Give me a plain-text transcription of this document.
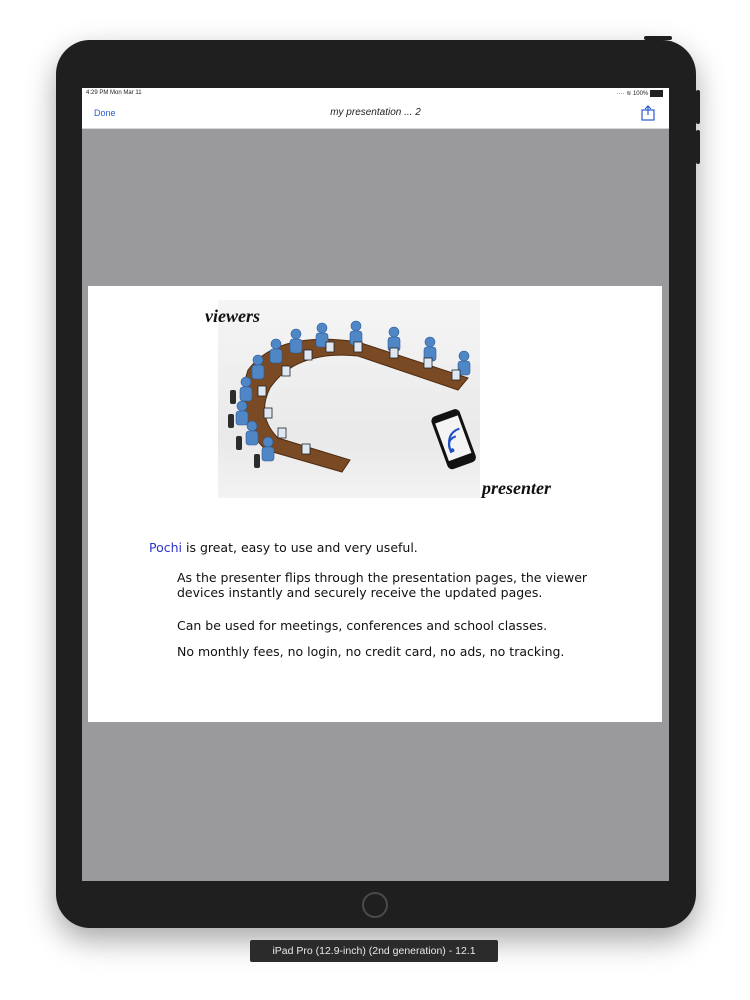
4:29 PM Mon Mar 11	···· ≋ 100%
Done	my presentation ... 2
viewers
presenter
Pochi is great, easy to use and very useful.
As the presenter flips through the presentation pages, the viewer devices instantly and securely receive the updated pages.
Can be used for meetings, conferences and school classes.
No monthly fees, no login, no credit card, no ads, no tracking.
iPad Pro (12.9-inch) (2nd generation) - 12.1
